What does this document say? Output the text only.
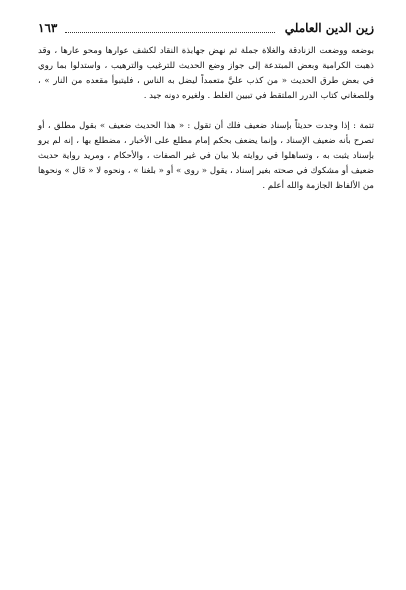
زين الدين العاملي
١٦٣

بوضعه ووضعت الزنادقة والغلاة جملة ثم نهض جهابذة النقاد لكشف عوارها ومحو عارها ، وقد ذهبت الكرامية وبعض المبتدعة إلى جواز وضع الحديث للترغيب والترهيب ، واستدلوا بما روي في بعض طرق الحديث « من كذب عليَّ متعمداً ليضل به الناس ، فليتبوأ مقعده من النار » ، وللصغاني كتاب الدرر الملتقط في تبيين الغلط . ولغيره دونه جيد .

تتمة : إذا وجدت حديثاً بإسناد ضعيف فلك أن تقول : « هذا الحديث ضعيف » بقول مطلق ، أو تصرح بأنه ضعيف الإسناد ، وإنما يضعف بحكم إمام مطلع على الأخبار ، مضطلع بها ، إنه لم يرو بإسناد يثبت به ، وتساهلوا في روايته بلا بيان في غير الصفات ، والأحكام ، ومريد رواية حديث ضعيف أو مشكوك في صحته بغير إسناد ، يقول « روى » أو « بلغنا » ، ونحوه لا « قال » ونحوها من الألفاظ الجازمة والله أعلم .
